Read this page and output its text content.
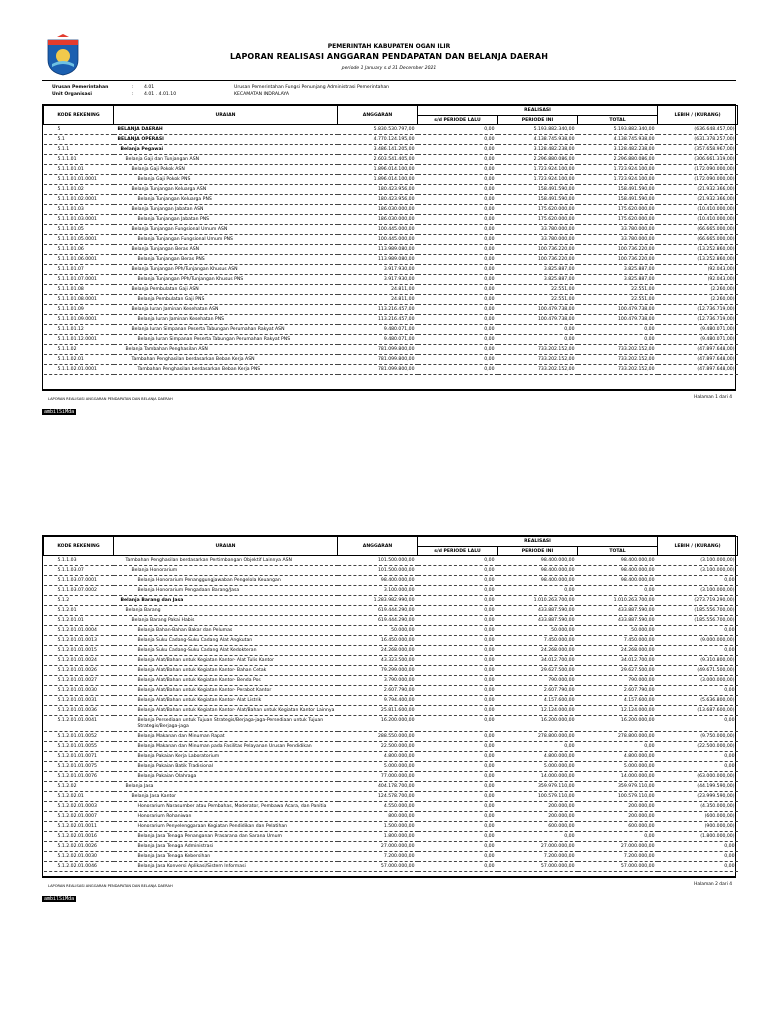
PEMERINTAH KABUPATEN OGAN ILIR
LAPORAN REALISASI ANGGARAN PENDAPATAN DAN BELANJA DAERAH
periode 1 January s.d 31 December 2021
Urusan Pemerintahan
Unit Organisasi
:
:
4.01
4.01 . 4.01.10
Urusan Pemerintahan Fungsi Penunjang Administrasi Pemerintahan
KECAMATAN INDRALAYA
KODE REKENING	URAIAN	ANGGARAN	REALISASI			LEBIH / (KURANG)
			s/d PERIODE LALU	PERIODE INI	TOTAL	
5	BELANJA DAERAH	5.830.530.797,00	0,00	5.193.882.340,00	5.193.882.340,00	(636.648.457,00)
5.1	BELANJA OPERASI	4.770.124.195,00	0,00	4.138.745.938,00	4.138.745.938,00	(631.378.257,00)
5.1.1	Belanja Pegawai	3.486.141.205,00	0,00	3.128.482.238,00	3.128.482.238,00	(357.658.967,00)
5.1.1.01	Belanja Gaji dan Tunjangan ASN	2.603.541.405,00	0,00	2.296.880.086,00	2.296.880.086,00	(306.661.319,00)
5.1.1.01.01	Belanja Gaji Pokok ASN	1.896.014.100,00	0,00	1.723.924.100,00	1.723.924.100,00	(172.090.000,00)
5.1.1.01.01.0001	Belanja Gaji Pokok PNS	1.896.014.100,00	0,00	1.723.924.100,00	1.723.924.100,00	(172.090.000,00)
5.1.1.01.02	Belanja Tunjangan Keluarga ASN	180.423.956,00	0,00	158.491.590,00	158.491.590,00	(21.932.366,00)
5.1.1.01.02.0001	Belanja Tunjangan Keluarga PNS	180.423.956,00	0,00	158.491.590,00	158.491.590,00	(21.932.366,00)
5.1.1.01.03	Belanja Tunjangan Jabatan ASN	186.030.000,00	0,00	175.620.000,00	175.620.000,00	(10.410.000,00)
5.1.1.01.03.0001	Belanja Tunjangan Jabatan PNS	186.030.000,00	0,00	175.620.000,00	175.620.000,00	(10.410.000,00)
5.1.1.01.05	Belanja Tunjangan Fungsional Umum ASN	100.445.000,00	0,00	33.780.000,00	33.780.000,00	(66.665.000,00)
5.1.1.01.05.0001	Belanja Tunjangan Fungsional Umum PNS	100.445.000,00	0,00	33.780.000,00	33.780.000,00	(66.665.000,00)
5.1.1.01.06	Belanja Tunjangan Beras ASN	113.989.080,00	0,00	100.736.220,00	100.736.220,00	(13.252.860,00)
5.1.1.01.06.0001	Belanja Tunjangan Beras PNS	113.989.080,00	0,00	100.736.220,00	100.736.220,00	(13.252.860,00)
5.1.1.01.07	Belanja Tunjangan PPh/Tunjangan Khusus ASN	3.917.930,00	0,00	3.825.887,00	3.825.887,00	(92.043,00)
5.1.1.01.07.0001	Belanja Tunjangan PPh/Tunjangan Khusus PNS	3.917.930,00	0,00	3.825.887,00	3.825.887,00	(92.043,00)
5.1.1.01.08	Belanja Pembulatan Gaji ASN	24.811,00	0,00	22.551,00	22.551,00	(2.260,00)
5.1.1.01.08.0001	Belanja Pembulatan Gaji PNS	24.811,00	0,00	22.551,00	22.551,00	(2.260,00)
5.1.1.01.09	Belanja Iuran Jaminan Kesehatan ASN	113.216.457,00	0,00	100.479.738,00	100.479.738,00	(12.736.719,00)
5.1.1.01.09.0001	Belanja Iuran Jaminan Kesehatan PNS	113.216.457,00	0,00	100.479.738,00	100.479.738,00	(12.736.719,00)
5.1.1.01.12	Belanja Iuran Simpanan Peserta Tabungan Perumahan Rakyat ASN	9.480.071,00	0,00	0,00	0,00	(9.480.071,00)
5.1.1.01.12.0001	Belanja Iuran Simpanan Peserta Tabungan Perumahan Rakyat PNS	9.480.071,00	0,00	0,00	0,00	(9.480.071,00)
5.1.1.02	Belanja Tambahan Penghasilan ASN	781.099.800,00	0,00	733.202.152,00	733.202.152,00	(47.897.648,00)
5.1.1.02.01	Tambahan Penghasilan berdasarkan Beban Kerja ASN	781.099.800,00	0,00	733.202.152,00	733.202.152,00	(47.897.648,00)
5.1.1.02.01.0001	Tambahan Penghasilan berdasarkan Beban Kerja PNS	781.099.800,00	0,00	733.202.152,00	733.202.152,00	(47.897.648,00)
LAPORAN REALISASI ANGGARAN PENDAPATAN DAN BELANJA DAERAH	Halaman 1 dari 4
ambilSiMda
KODE REKENING	URAIAN	ANGGARAN	REALISASI			LEBIH / (KURANG)
			s/d PERIODE LALU	PERIODE INI	TOTAL	
5.1.1.03	Tambahan Penghasilan berdasarkan Pertimbangan Objektif Lainnya ASN	101.500.000,00	0,00	98.400.000,00	98.400.000,00	(3.100.000,00)
5.1.1.03.07	Belanja Honorarium	101.500.000,00	0,00	98.400.000,00	98.400.000,00	(3.100.000,00)
5.1.1.03.07.0001	Belanja Honorarium Penanggungjawaban Pengelola Keuangan	98.400.000,00	0,00	98.400.000,00	98.400.000,00	0,00
5.1.1.03.07.0002	Belanja Honorarium Pengadaan Barang/Jasa	3.100.000,00	0,00	0,00	0,00	(3.100.000,00)
5.1.2	Belanja Barang dan Jasa	1.283.982.990,00	0,00	1.010.263.700,00	1.010.263.700,00	(273.719.290,00)
5.1.2.01	Belanja Barang	619.444.290,00	0,00	433.887.590,00	433.887.590,00	(185.556.700,00)
5.1.2.01.01	Belanja Barang Pakai Habis	619.444.290,00	0,00	433.887.590,00	433.887.590,00	(185.556.700,00)
5.1.2.01.01.0004	Belanja Bahan-Bahan Bakar dan Pelumas	50.000,00	0,00	50.000,00	50.000,00	0,00
5.1.2.01.01.0013	Belanja Suku Cadang-Suku Cadang Alat Angkutan	16.450.000,00	0,00	7.450.000,00	7.450.000,00	(9.000.000,00)
5.1.2.01.01.0015	Belanja Suku Cadang-Suku Cadang Alat Kedokteran	24.268.000,00	0,00	24.268.000,00	24.268.000,00	0,00
5.1.2.01.01.0024	Belanja Alat/Bahan untuk Kegiatan Kantor- Alat Tulis Kantor	43.323.500,00	0,00	34.012.700,00	34.012.700,00	(9.310.800,00)
5.1.2.01.01.0026	Belanja Alat/Bahan untuk Kegiatan Kantor- Bahan Cetak	79.299.000,00	0,00	29.627.500,00	29.627.500,00	(49.671.500,00)
5.1.2.01.01.0027	Belanja Alat/Bahan untuk Kegiatan Kantor- Benda Pos	3.790.000,00	0,00	790.000,00	790.000,00	(3.000.000,00)
5.1.2.01.01.0030	Belanja Alat/Bahan untuk Kegiatan Kantor- Perabot Kantor	2.607.790,00	0,00	2.607.790,00	2.607.790,00	0,00
5.1.2.01.01.0031	Belanja Alat/Bahan untuk Kegiatan Kantor- Alat Listrik	9.794.400,00	0,00	4.157.600,00	4.157.600,00	(5.636.800,00)
5.1.2.01.01.0036	Belanja Alat/Bahan untuk Kegiatan Kantor- Alat/Bahan untuk Kegiatan Kantor Lainnya	25.811.600,00	0,00	12.124.000,00	12.124.000,00	(13.687.600,00)
5.1.2.01.01.0041	Belanja Persediaan untuk Tujuan Strategis/Berjaga-jaga-Persediaan untuk Tujuan Strategis/Berjaga-jaga	16.200.000,00	0,00	16.200.000,00	16.200.000,00	0,00
5.1.2.01.01.0052	Belanja Makanan dan Minuman Rapat	288.550.000,00	0,00	278.800.000,00	278.800.000,00	(9.750.000,00)
5.1.2.01.01.0055	Belanja Makanan dan Minuman pada Fasilitas Pelayanan Urusan Pendidikan	22.500.000,00	0,00	0,00	0,00	(22.500.000,00)
5.1.2.01.01.0071	Belanja Pakaian Kerja Laboratorium	4.800.000,00	0,00	4.800.000,00	4.800.000,00	0,00
5.1.2.01.01.0075	Belanja Pakaian Batik Tradisional	5.000.000,00	0,00	5.000.000,00	5.000.000,00	0,00
5.1.2.01.01.0076	Belanja Pakaian Olahraga	77.000.000,00	0,00	14.000.000,00	14.000.000,00	(63.000.000,00)
5.1.2.02	Belanja Jasa	404.178.700,00	0,00	359.979.110,00	359.979.110,00	(44.199.590,00)
5.1.2.02.01	Belanja Jasa Kantor	124.578.700,00	0,00	100.579.110,00	100.579.110,00	(23.999.590,00)
5.1.2.02.01.0003	Honorarium Narasumber atau Pembahas, Moderator, Pembawa Acara, dan Panitia	4.550.000,00	0,00	200.000,00	200.000,00	(4.350.000,00)
5.1.2.02.01.0007	Honorarium Rohaniwan	800.000,00	0,00	200.000,00	200.000,00	(600.000,00)
5.1.2.02.01.0011	Honorarium Penyelenggaraan Kegiatan Pendidikan dan Pelatihan	1.500.000,00	0,00	600.000,00	600.000,00	(900.000,00)
5.1.2.02.01.0016	Belanja Jasa Tenaga Penanganan Prasarana dan Sarana Umum	1.800.000,00	0,00	0,00	0,00	(1.800.000,00)
5.1.2.02.01.0026	Belanja Jasa Tenaga Administrasi	27.000.000,00	0,00	27.000.000,00	27.000.000,00	0,00
5.1.2.02.01.0030	Belanja Jasa Tenaga Kebersihan	7.200.000,00	0,00	7.200.000,00	7.200.000,00	0,00
5.1.2.02.01.0046	Belanja Jasa Konversi Aplikasi/Sistem Informasi	57.000.000,00	0,00	57.000.000,00	57.000.000,00	0,00
LAPORAN REALISASI ANGGARAN PENDAPATAN DAN BELANJA DAERAH	Halaman 2 dari 4
ambilSiMda
